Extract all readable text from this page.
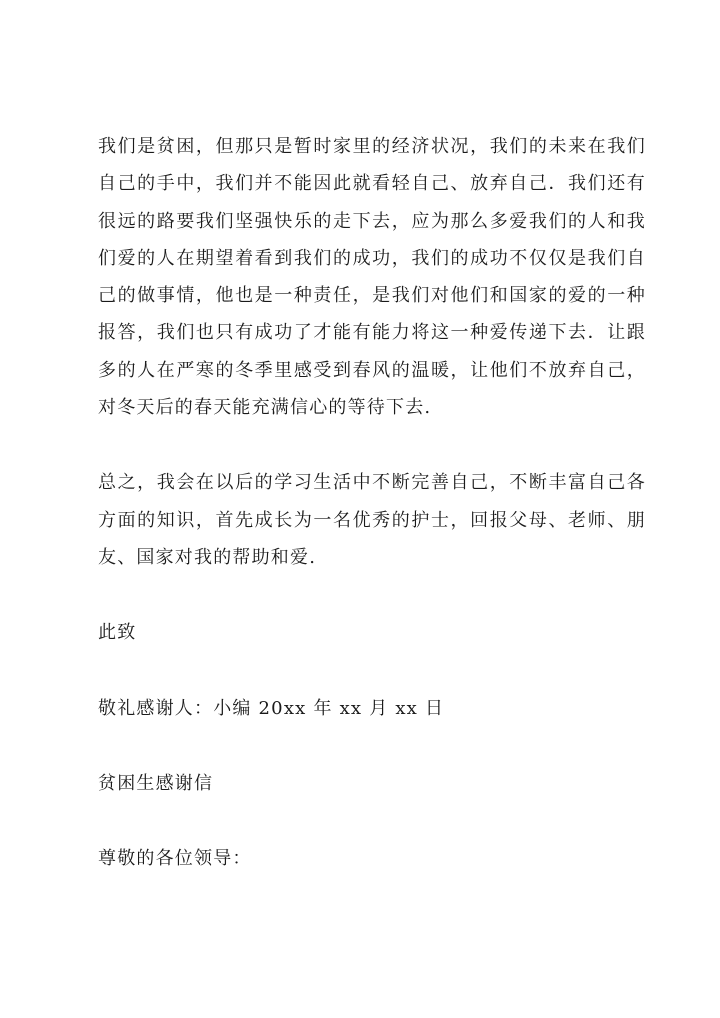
我们是贫困，但那只是暂时家里的经济状况，我们的未来在我们自己的手中，我们并不能因此就看轻自己、放弃自己．我们还有很远的路要我们坚强快乐的走下去，应为那么多爱我们的人和我们爱的人在期望着看到我们的成功，我们的成功不仅仅是我们自己的做事情，他也是一种责任，是我们对他们和国家的爱的一种报答，我们也只有成功了才能有能力将这一种爱传递下去．让跟多的人在严寒的冬季里感受到春风的温暖，让他们不放弃自己，对冬天后的春天能充满信心的等待下去.

总之，我会在以后的学习生活中不断完善自己，不断丰富自己各方面的知识，首先成长为一名优秀的护士，回报父母、老师、朋友、国家对我的帮助和爱.

此致

敬礼感谢人：小编 20xx 年 xx 月 xx 日

贫困生感谢信

尊敬的各位领导：
